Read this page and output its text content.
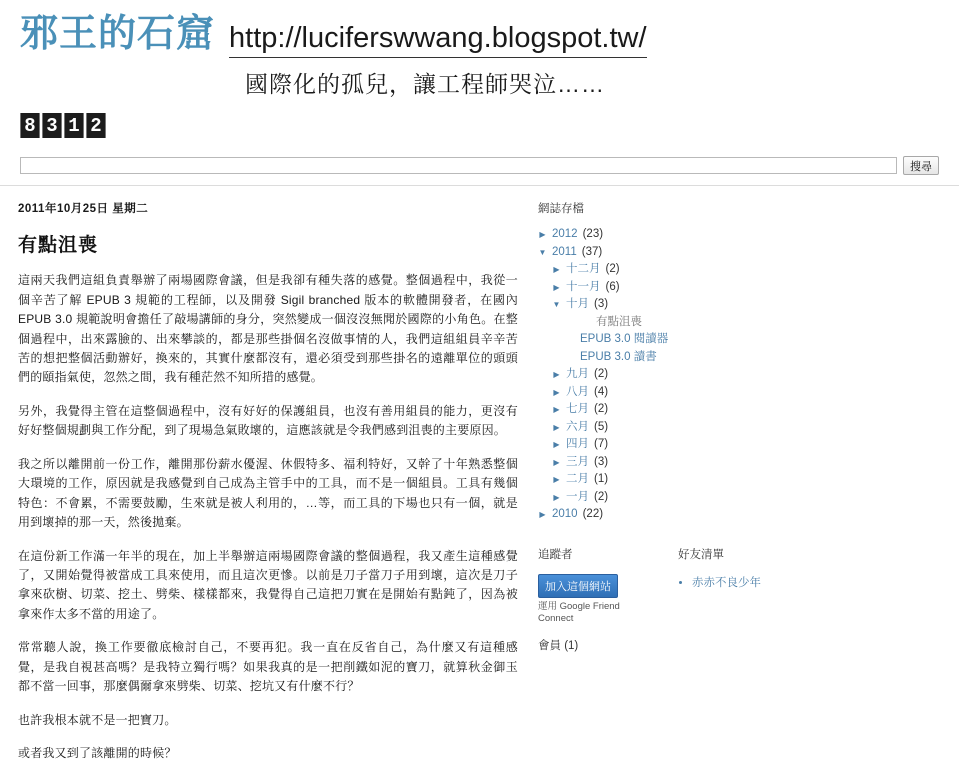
邪王的石窟 http://luciferswwang.blogspot.tw/
國際化的孤兒，讓工程師哭泣……
8 3 1 2
搜尋
2011年10月25日 星期二
有點沮喪

這兩天我們這組負責舉辦了兩場國際會議，但是我卻有種失落的感覺。整個過程中，我從一個辛苦了解 EPUB 3 規範的工程師，以及開發 Sigil branched 版本的軟體開發者，在國內 EPUB 3.0 規範說明會擔任了敲場講師的身分，突然變成一個沒沒無聞於國際的小角色。在整個過程中，出來露臉的、出來攀談的，都是那些掛個名沒做事情的人，我們這組組員辛辛苦苦的想把整個活動辦好，換來的，其實什麼都沒有，還必須受到那些掛名的遠離單位的頭頭們的頤指氣使，忽然之間，我有種茫然不知所措的感覺。

另外，我覺得主管在這整個過程中，沒有好好的保護組員，也沒有善用組員的能力，更沒有好好整個規劃與工作分配，到了現場急氣敗壞的，這應該就是令我們感到沮喪的主要原因。

我之所以離開前一份工作，離開那份薪水優渥、休假特多、福利特好，又幹了十年熟悉整個大環境的工作，原因就是我感覺到自己成為主管手中的工具，而不是一個組員。工具有幾個特色：不會累，不需要鼓勵，生來就是被人利用的，…等，而工具的下場也只有一個，就是用到壞掉的那一天，然後拋棄。

在這份新工作滿一年半的現在，加上半舉辦這兩場國際會議的整個過程，我又產生這種感覺了，又開始覺得被當成工具來使用，而且這次更慘。以前是刀子當刀子用到壞，這次是刀子拿來砍樹、切菜、挖土、劈柴、樣樣都來，我覺得自己這把刀實在是開始有點鈍了，因為被拿來作太多不當的用途了。

常常聽人說，換工作要徹底檢討自己，不要再犯。我一直在反省自己，為什麼又有這種感覺，是我自視甚高嗎？是我特立獨行嗎？如果我真的是一把削鐵如泥的寶刀，就算秋金御玉都不當一回事，那麼偶爾拿來劈柴、切菜、挖坑又有什麼不行？

也許我根本就不是一把寶刀。

或者我又到了該離開的時候？

網誌存檔
▶ 2012 (23)
▼ 2011 (37)
▶ 十二月 (2)
▶ 十一月 (6)
▼ 十月 (3)
有點沮喪
EPUB 3.0 閱讀器
EPUB 3.0 讀書
▶ 九月 (2)
▶ 八月 (4)
▶ 七月 (2)
▶ 六月 (5)
▶ 四月 (7)
▶ 三月 (3)
▶ 二月 (1)
▶ 一月 (2)
▶ 2010 (22)
追蹤者
加入這個網站
運用 Google Friend Connect
會員 (1)
好友清單
• 赤赤不良少年
